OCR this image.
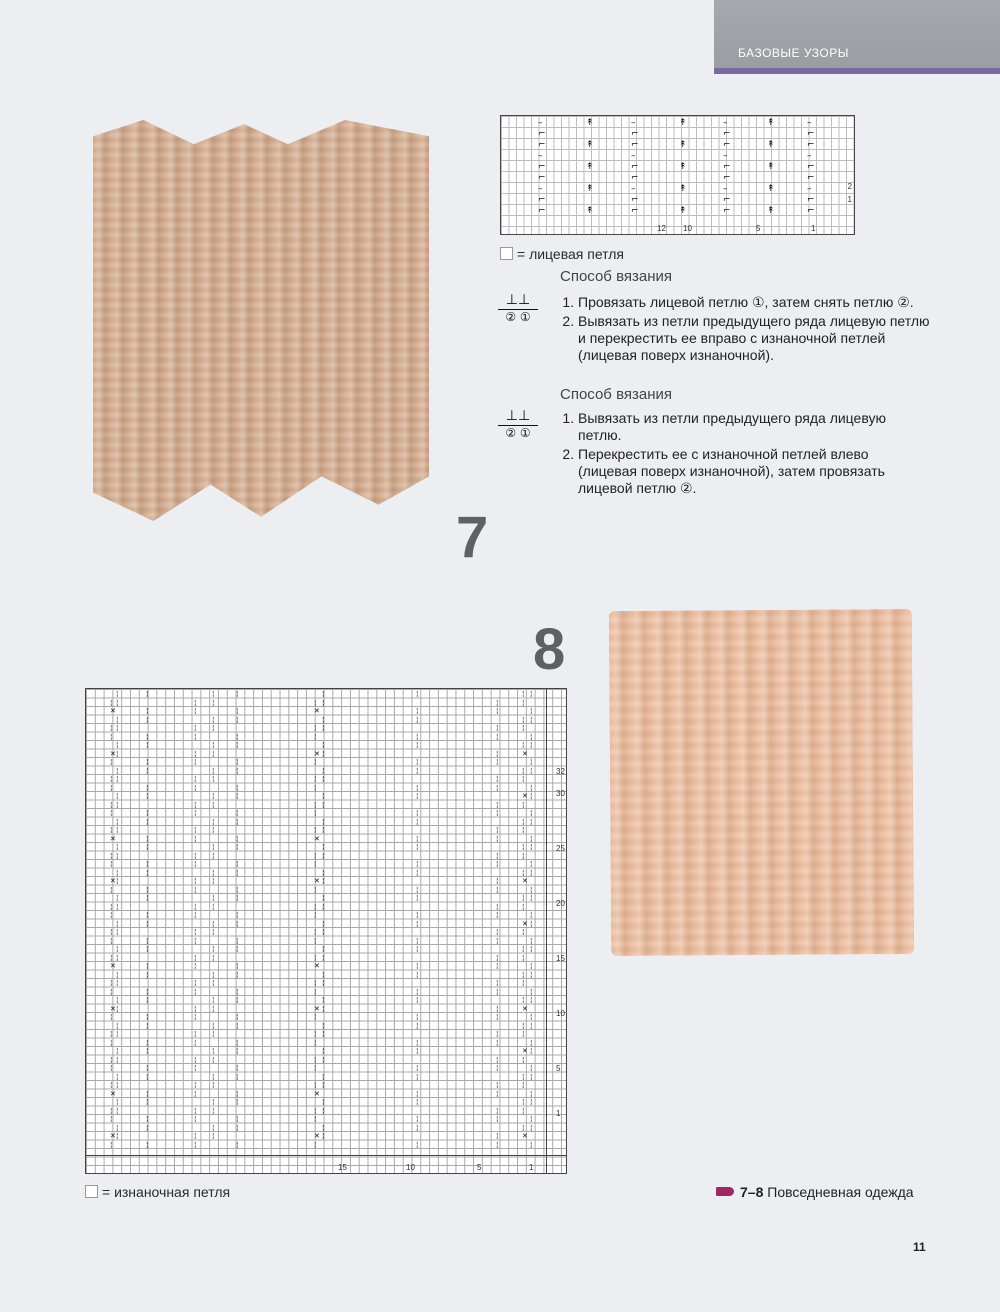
БАЗОВЫЕ УЗОРЫ
–	↟	–	↟	–	↟	–
⌐	⌐	⌐	⌐
⌐	↟	⌐	↟	⌐	↟	⌐
–	–	–	–
⌐	↟	⌐	↟	⌐	↟	⌐
⌐	⌐	⌐	⌐
–	↟	–	↟	–	↟	–
⌐	⌐	⌐	⌐
⌐	↟	⌐	↟	⌐	↟	⌐
2
1
12 10	5	1
= лицевая петля
Способ вязания
⊥⊥
② ①
1. Провязать лицевой петлю ①, затем снять петлю ②.
2. Вывязать из петли предыдущего ряда лицевую петлю и перекрестить ее вправо с изнаночной петлей (лицевая поверх изнаночной).
Способ вязания
⊥⊥
② ①
1. Вывязать из петли предыдущего ряда лицевую петлю.
2. Перекрестить ее с изнаночной петлей влево (лицевая поверх изнаночной), затем провязать лицевой петлю ②.
7
8
¦	¦	¦	¦	¦	¦	¦ ¦
¦ ¦	¦ ¦	¦ ¦	¦	¦
✕	¦	¦	¦	✕	¦	¦	¦
¦	¦	¦	¦	¦	¦	¦ ¦
¦ ¦	¦ ¦	¦ ¦	¦	¦
¦	¦	¦	¦	¦	¦	¦	¦
¦	¦	¦	¦	¦	¦	¦ ¦
✕ ¦	¦ ¦	✕ ¦	¦	✕
¦	¦	¦	¦	¦	¦	¦	¦
¦	¦	¦	¦	¦	¦	¦ ¦
¦ ¦	¦ ¦	¦ ¦	¦	¦
¦	¦	¦	¦	¦	¦	¦	¦
¦	¦	¦	¦	¦	¦	✕ ¦
¦ ¦	¦ ¦	¦ ¦	¦	¦
¦	¦	¦	¦	¦	¦	¦	¦
¦	¦	¦	¦	¦	¦	¦ ¦
¦ ¦	¦ ¦	¦ ¦	¦	¦
✕	¦	¦	¦	✕	¦	¦	¦
¦	¦	¦	¦	¦	¦	¦ ¦
¦ ¦	¦ ¦	¦ ¦	¦	¦
¦	¦	¦	¦	¦	¦	¦	¦
¦	¦	¦	¦	¦	¦	¦ ¦
✕ ¦	¦ ¦	✕ ¦	¦	✕
¦	¦	¦	¦	¦	¦	¦	¦
¦	¦	¦	¦	¦	¦	¦ ¦
¦ ¦	¦ ¦	¦ ¦	¦	¦
¦	¦	¦	¦	¦	¦	¦	¦
¦	¦	¦	¦	¦	¦	✕ ¦
¦ ¦	¦ ¦	¦ ¦	¦	¦
¦	¦	¦	¦	¦	¦	¦	¦
¦	¦	¦	¦	¦	¦	¦ ¦
¦ ¦	¦ ¦	¦ ¦	¦	¦
✕	¦	¦	¦	✕	¦	¦	¦
¦	¦	¦	¦	¦	¦	¦ ¦
¦ ¦	¦ ¦	¦ ¦	¦	¦
¦	¦	¦	¦	¦	¦	¦	¦
¦	¦	¦	¦	¦	¦	¦ ¦
✕ ¦	¦ ¦	✕ ¦	¦	✕
¦	¦	¦	¦	¦	¦	¦	¦
¦	¦	¦	¦	¦	¦	¦ ¦
¦ ¦	¦ ¦	¦ ¦	¦	¦
¦	¦	¦	¦	¦	¦	¦	¦
¦	¦	¦	¦	¦	¦	✕ ¦
¦ ¦	¦ ¦	¦ ¦	¦	¦
¦	¦	¦	¦	¦	¦	¦	¦
¦	¦	¦	¦	¦	¦	¦ ¦
¦ ¦	¦ ¦	¦ ¦	¦	¦
✕	¦	¦	¦	✕	¦	¦	¦
¦	¦	¦	¦	¦	¦	¦ ¦
¦ ¦	¦ ¦	¦ ¦	¦	¦
¦	¦	¦	¦	¦	¦	¦	¦
¦	¦	¦	¦	¦	¦	¦ ¦
✕ ¦	¦ ¦	✕ ¦	¦	✕
¦	¦	¦	¦	¦	¦	¦	¦
32
30
25
20
15
10
5
1
15	10	5	1
= изнаночная петля	7–8 Повседневная одежда
11
